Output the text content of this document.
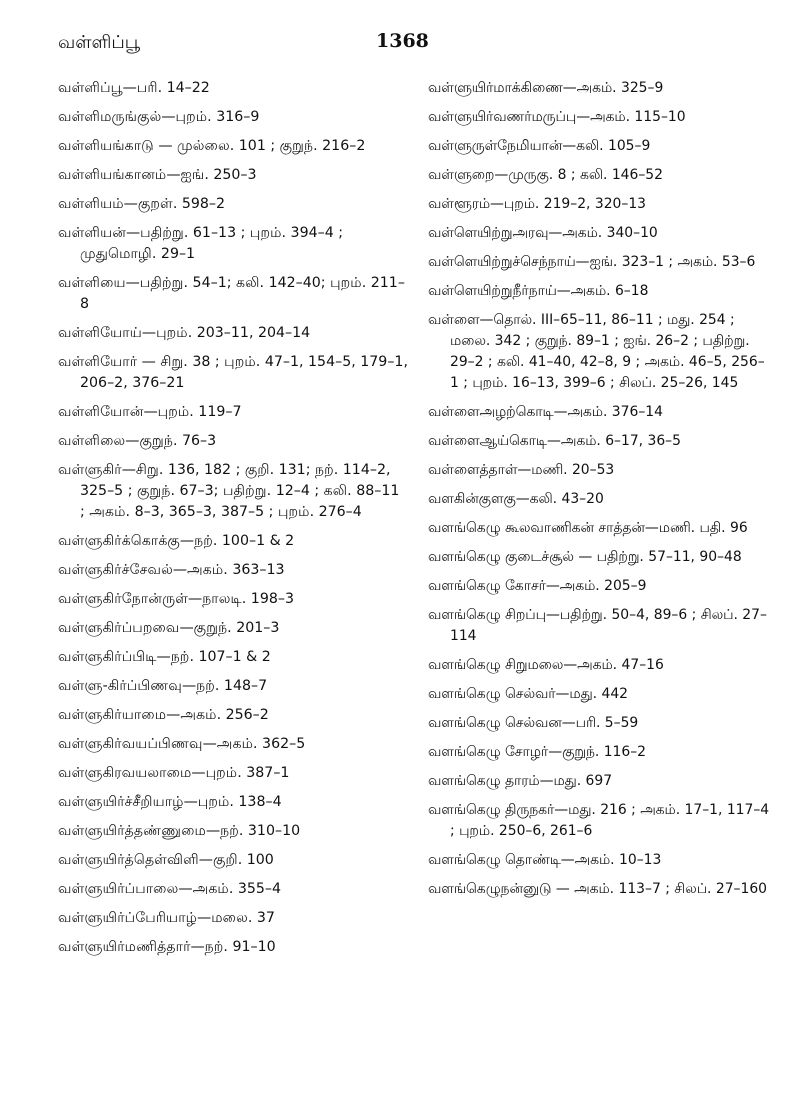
வள்ளிப்பூ	1368
வள்ளிப்பூ—பரி. 14–22
வள்ளிமருங்குல்—புறம். 316–9
வள்ளியங்காடு — முல்லை. 101 ; குறுந். 216–2
வள்ளியங்கானம்—ஐங். 250–3
வள்ளியம்—குறள். 598–2
வள்ளியன்—பதிற்று. 61–13 ; புறம். 394–4 ; முதுமொழி. 29–1
வள்ளியை—பதிற்று. 54–1; கலி. 142–40; புறம். 211–8
வள்ளியோய்—புறம். 203–11, 204–14
வள்ளியோர் — சிறு. 38 ; புறம். 47–1, 154–5, 179–1, 206–2, 376–21
வள்ளியோன்—புறம். 119–7
வள்ளிலை—குறுந். 76–3
வள்ளுகிர்—சிறு. 136, 182 ; குறி. 131; நற். 114–2, 325–5 ; குறுந். 67–3; பதிற்று. 12–4 ; கலி. 88–11 ; அகம். 8–3, 365–3, 387–5 ; புறம். 276–4
வள்ளுகிர்க்கொக்கு—நற். 100–1 & 2
வள்ளுகிர்ச்சேவல்—அகம். 363–13
வள்ளுகிர்நோன்ருள்—நாலடி. 198–3
வள்ளுகிர்ப்பறவை—குறுந். 201–3
வள்ளுகிர்ப்பிடி—நற். 107–1 & 2
வள்ளு-கிர்ப்பிணவு—நற். 148–7
வள்ளுகிர்யாமை—அகம். 256–2
வள்ளுகிர்வயப்பிணவு—அகம். 362–5
வள்ளுகிரவயலாமை—புறம். 387–1
வள்ளுயிர்ச்சீறியாழ்—புறம். 138–4
வள்ளுயிர்த்தண்ணுமை—நற். 310–10
வள்ளுயிர்த்தெள்விளி—குறி. 100
வள்ளுயிர்ப்பாலை—அகம். 355–4
வள்ளுயிர்ப்பேரியாழ்—மலை. 37
வள்ளுயிர்மணித்தார்—நற். 91–10
வள்ளுயிர்மாக்கிணை—அகம். 325–9
வள்ளுயிர்வணர்மருப்பு—அகம். 115–10
வள்ளுருள்நேமியான்—கலி. 105–9
வள்ளுறை—முருகு. 8 ; கலி. 146–52
வள்ளூரம்—புறம். 219–2, 320–13
வள்ளெயிற்றுஅரவு—அகம். 340–10
வள்ளெயிற்றுச்செந்நாய்—ஐங். 323–1 ; அகம். 53–6
வள்ளெயிற்றுநீர்நாய்—அகம். 6–18
வள்ளை—தொல். III–65–11, 86–11 ; மது. 254 ; மலை. 342 ; குறுந். 89–1 ; ஐங். 26–2 ; பதிற்று. 29–2 ; கலி. 41–40, 42–8, 9 ; அகம். 46–5, 256–1 ; புறம். 16–13, 399–6 ; சிலப். 25–26, 145
வள்ளைஅழற்கொடி—அகம். 376–14
வள்ளைஆய்கொடி—அகம். 6–17, 36–5
வள்ளைத்தாள்—மணி. 20–53
வளகின்குளகு—கலி. 43–20
வளங்கெழு கூலவாணிகன் சாத்தன்—மணி. பதி. 96
வளங்கெழு குடைச்சூல் — பதிற்று. 57–11, 90–48
வளங்கெழு கோசர்—அகம். 205–9
வளங்கெழு சிறப்பு—பதிற்று. 50–4, 89–6 ; சிலப். 27–114
வளங்கெழு சிறுமலை—அகம். 47–16
வளங்கெழு செல்வர்—மது. 442
வளங்கெழு செல்வன—பரி. 5–59
வளங்கெழு சோழர்—குறுந். 116–2
வளங்கெழு தாரம்—மது. 697
வளங்கெழு திருநகர்—மது. 216 ; அகம். 17–1, 117–4 ; புறம். 250–6, 261–6
வளங்கெழு தொண்டி—அகம். 10–13
வளங்கெழுநன்னுடு — அகம். 113–7 ; சிலப். 27–160
